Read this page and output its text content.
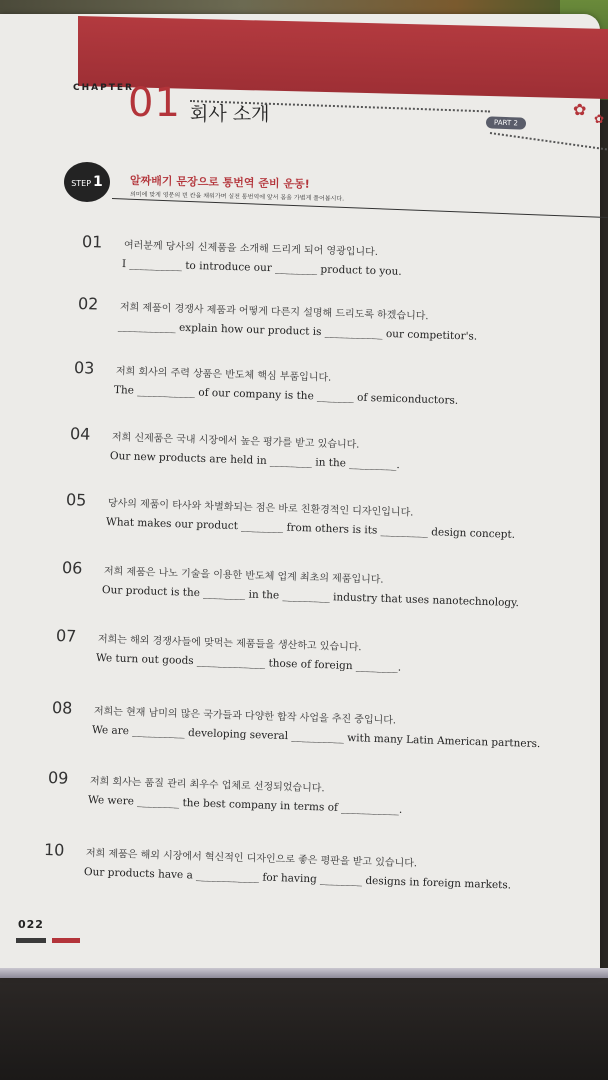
CHAPTER
01 회사 소개	PART 2
✿ ✿
STEP 1 알짜배기 문장으로 통번역 준비 운동!
의미에 맞게 영문의 빈 칸을 채워가며 실전 통번역에 앞서 몸을 가볍게 풀어봅시다.
01 여러분께 당사의 신제품을 소개해 드리게 되어 영광입니다.
I __________ to introduce our ________ product to you.
02 저희 제품이 경쟁사 제품과 어떻게 다른지 설명해 드리도록 하겠습니다.
___________ explain how our product is ___________ our competitor's.
03 저희 회사의 주력 상품은 반도체 핵심 부품입니다.
The ___________ of our company is the _______ of semiconductors.
04 저희 신제품은 국내 시장에서 높은 평가를 받고 있습니다.
Our new products are held in ________ in the _________.
05 당사의 제품이 타사와 차별화되는 점은 바로 친환경적인 디자인입니다.
What makes our product ________ from others is its _________ design concept.
06 저희 제품은 나노 기술을 이용한 반도체 업계 최초의 제품입니다.
Our product is the ________ in the _________ industry that uses nanotechnology.
07 저희는 해외 경쟁사들에 맞먹는 제품들을 생산하고 있습니다.
We turn out goods _____________ those of foreign ________.
08 저희는 현재 남미의 많은 국가들과 다양한 합작 사업을 추진 중입니다.
We are __________ developing several __________ with many Latin American partners.
09 저희 회사는 품질 관리 최우수 업체로 선정되었습니다.
We were ________ the best company in terms of ___________.
10 저희 제품은 해외 시장에서 혁신적인 디자인으로 좋은 평판을 받고 있습니다.
Our products have a ____________ for having ________ designs in foreign markets.
022
